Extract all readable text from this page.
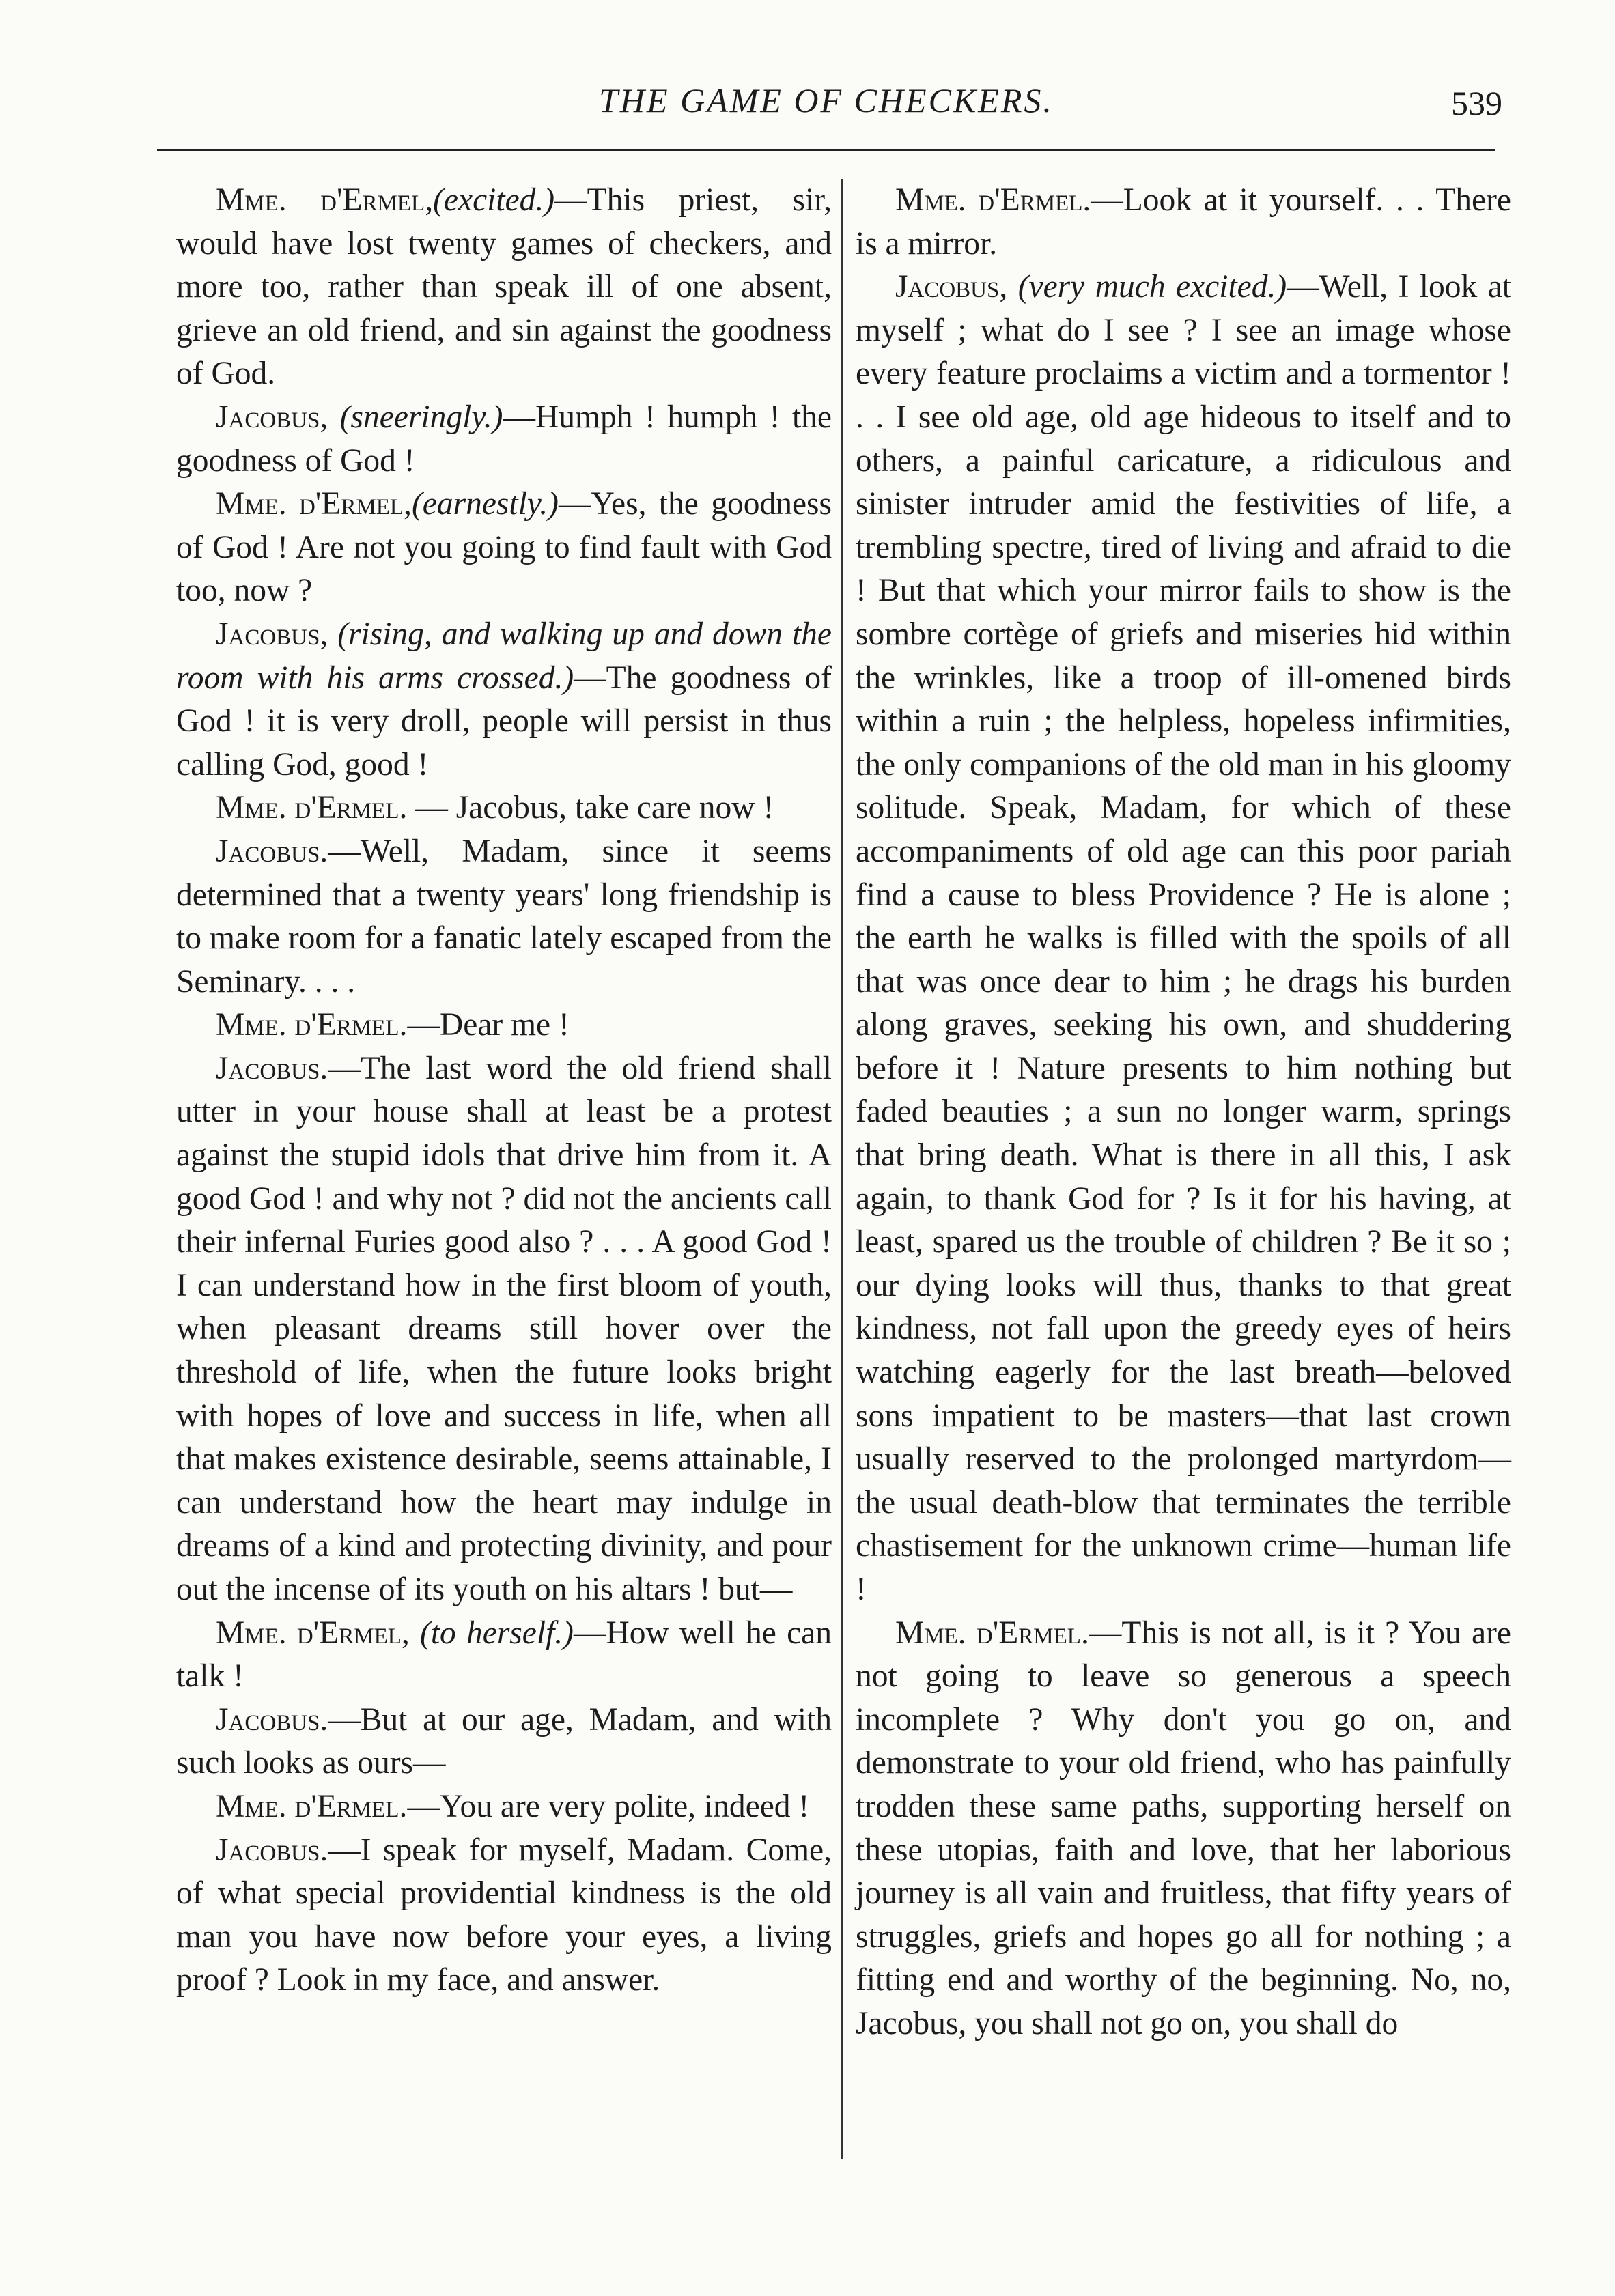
THE GAME OF CHECKERS.	539

Mme. d'Ermel,(excited.)—This priest, sir, would have lost twenty games of checkers, and more too, rather than speak ill of one absent, grieve an old friend, and sin against the goodness of God.

Jacobus, (sneeringly.)—Humph ! humph ! the goodness of God !

Mme. d'Ermel,(earnestly.)—Yes, the goodness of God ! Are not you going to find fault with God too, now ?

Jacobus, (rising, and walking up and down the room with his arms crossed.)—The goodness of God ! it is very droll, people will persist in thus calling God, good !

Mme. d'Ermel. — Jacobus, take care now !

Jacobus.—Well, Madam, since it seems determined that a twenty years' long friendship is to make room for a fanatic lately escaped from the Seminary. . . .

Mme. d'Ermel.—Dear me !

Jacobus.—The last word the old friend shall utter in your house shall at least be a protest against the stupid idols that drive him from it. A good God ! and why not ? did not the ancients call their infernal Furies good also ? . . . A good God ! I can understand how in the first bloom of youth, when pleasant dreams still hover over the threshold of life, when the future looks bright with hopes of love and success in life, when all that makes existence desirable, seems attainable, I can understand how the heart may indulge in dreams of a kind and protecting divinity, and pour out the incense of its youth on his altars ! but—

Mme. d'Ermel, (to herself.)—How well he can talk !

Jacobus.—But at our age, Madam, and with such looks as ours—

Mme. d'Ermel.—You are very polite, indeed !

Jacobus.—I speak for myself, Madam. Come, of what special providential kindness is the old man you have now before your eyes, a living proof ? Look in my face, and answer.

Mme. d'Ermel.—Look at it yourself. . . There is a mirror.

Jacobus, (very much excited.)—Well, I look at myself ; what do I see ? I see an image whose every feature proclaims a victim and a tormentor ! . . I see old age, old age hideous to itself and to others, a painful caricature, a ridiculous and sinister intruder amid the festivities of life, a trembling spectre, tired of living and afraid to die ! But that which your mirror fails to show is the sombre cortège of griefs and miseries hid within the wrinkles, like a troop of ill-omened birds within a ruin ; the helpless, hopeless infirmities, the only companions of the old man in his gloomy solitude. Speak, Madam, for which of these accompaniments of old age can this poor pariah find a cause to bless Providence ? He is alone ; the earth he walks is filled with the spoils of all that was once dear to him ; he drags his burden along graves, seeking his own, and shuddering before it ! Nature presents to him nothing but faded beauties ; a sun no longer warm, springs that bring death. What is there in all this, I ask again, to thank God for ? Is it for his having, at least, spared us the trouble of children ? Be it so ; our dying looks will thus, thanks to that great kindness, not fall upon the greedy eyes of heirs watching eagerly for the last breath—beloved sons impatient to be masters—that last crown usually reserved to the prolonged martyrdom—the usual death-blow that terminates the terrible chastisement for the unknown crime—human life !

Mme. d'Ermel.—This is not all, is it ? You are not going to leave so generous a speech incomplete ? Why don't you go on, and demonstrate to your old friend, who has painfully trodden these same paths, supporting herself on these utopias, faith and love, that her laborious journey is all vain and fruitless, that fifty years of struggles, griefs and hopes go all for nothing ; a fitting end and worthy of the beginning. No, no, Jacobus, you shall not go on, you shall do
